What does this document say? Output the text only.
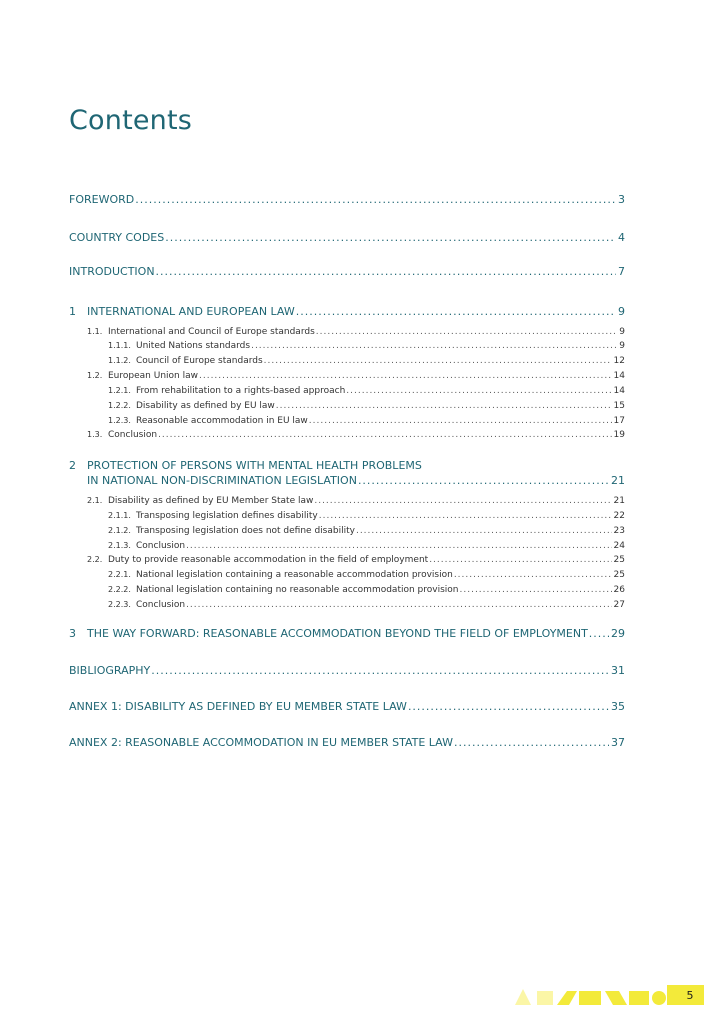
Contents
FOREWORD .....	3
COUNTRY CODES .....	4
INTRODUCTION .....	7
1 INTERNATIONAL AND EUROPEAN LAW .....	9
1.1. International and Council of Europe standards .....	9
1.1.1. United Nations standards .....	9
1.1.2. Council of Europe standards .....	12
1.2. European Union law .....	14
1.2.1. From rehabilitation to a rights-based approach .....	14
1.2.2. Disability as defined by EU law .....	15
1.2.3. Reasonable accommodation in EU law .....	17
1.3. Conclusion .....	19
2 PROTECTION OF PERSONS WITH MENTAL HEALTH PROBLEMS
IN NATIONAL NON-DISCRIMINATION LEGISLATION .....	21
2.1. Disability as defined by EU Member State law .....	21
2.1.1. Transposing legislation defines disability .....	22
2.1.2. Transposing legislation does not define disability .....	23
2.1.3. Conclusion .....	24
2.2. Duty to provide reasonable accommodation in the field of employment .....	25
2.2.1. National legislation containing a reasonable accommodation provision .....	25
2.2.2. National legislation containing no reasonable accommodation provision .....	26
2.2.3. Conclusion .....	27
3 THE WAY FORWARD: REASONABLE ACCOMMODATION BEYOND THE FIELD OF EMPLOYMENT ..... 29
BIBLIOGRAPHY .....	31
ANNEX 1: DISABILITY AS DEFINED BY EU MEMBER STATE LAW .....	35
ANNEX 2: REASONABLE ACCOMMODATION IN EU MEMBER STATE LAW .....	37
5
